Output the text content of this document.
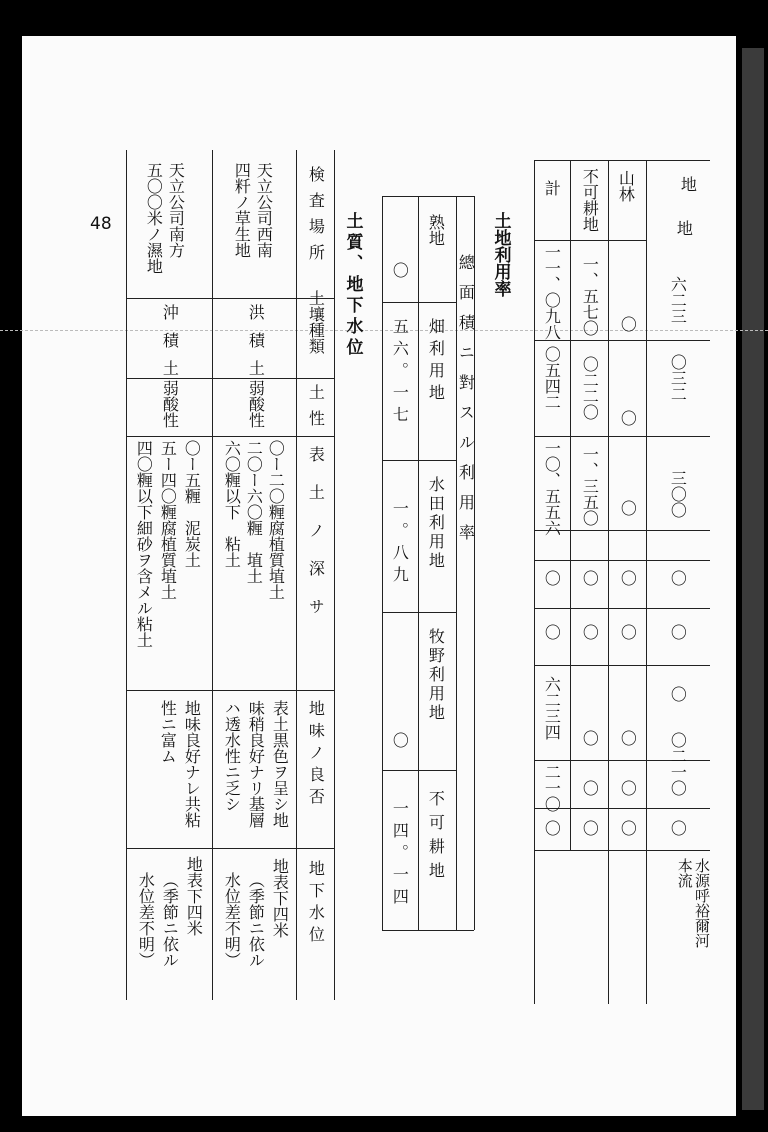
48
地
山林
不可耕地
計
地
六二三
〇三二
三〇〇
〇
〇
〇
〇二一〇
〇
水源呼裕爾河本流
〇
〇
〇
〇
〇
〇
〇
〇
一、五七〇
〇二二〇
一、三五〇
〇
〇
〇
〇
〇
一一、〇九八
〇五四二
一〇、五五六
〇
〇
六二三四
二一〇
〇
土地利用率
總面積ニ對スル利用率
熟地
畑利用地
水田利用地
牧野利用地
不可耕地
〇
五六。一七
一。八九
〇
一四。一四
土質、地下水位
検査場所
土壤種類
土性
表土ノ深サ
地味ノ良否
地下水位
天立公司西南
四粁ノ草生地
洪積土
弱酸性
〇ー二〇糎腐植質埴土
二〇ー六〇糎　埴土
六〇糎以下　粘土
表土黒色ヲ呈シ地
味稍良好ナリ基層
ハ透水性ニ乏シ
地表下四米
（季節ニ依ル
水位差不明）
天立公司南方
五〇〇米ノ濕地
沖積土
弱酸性
〇ー五糎　泥炭土
五ー四〇糎腐植質埴土
四〇糎以下細砂ヲ含メル粘土
地味良好ナレ共粘
性ニ富ム
地表下四米
（季節ニ依ル
水位差不明）
